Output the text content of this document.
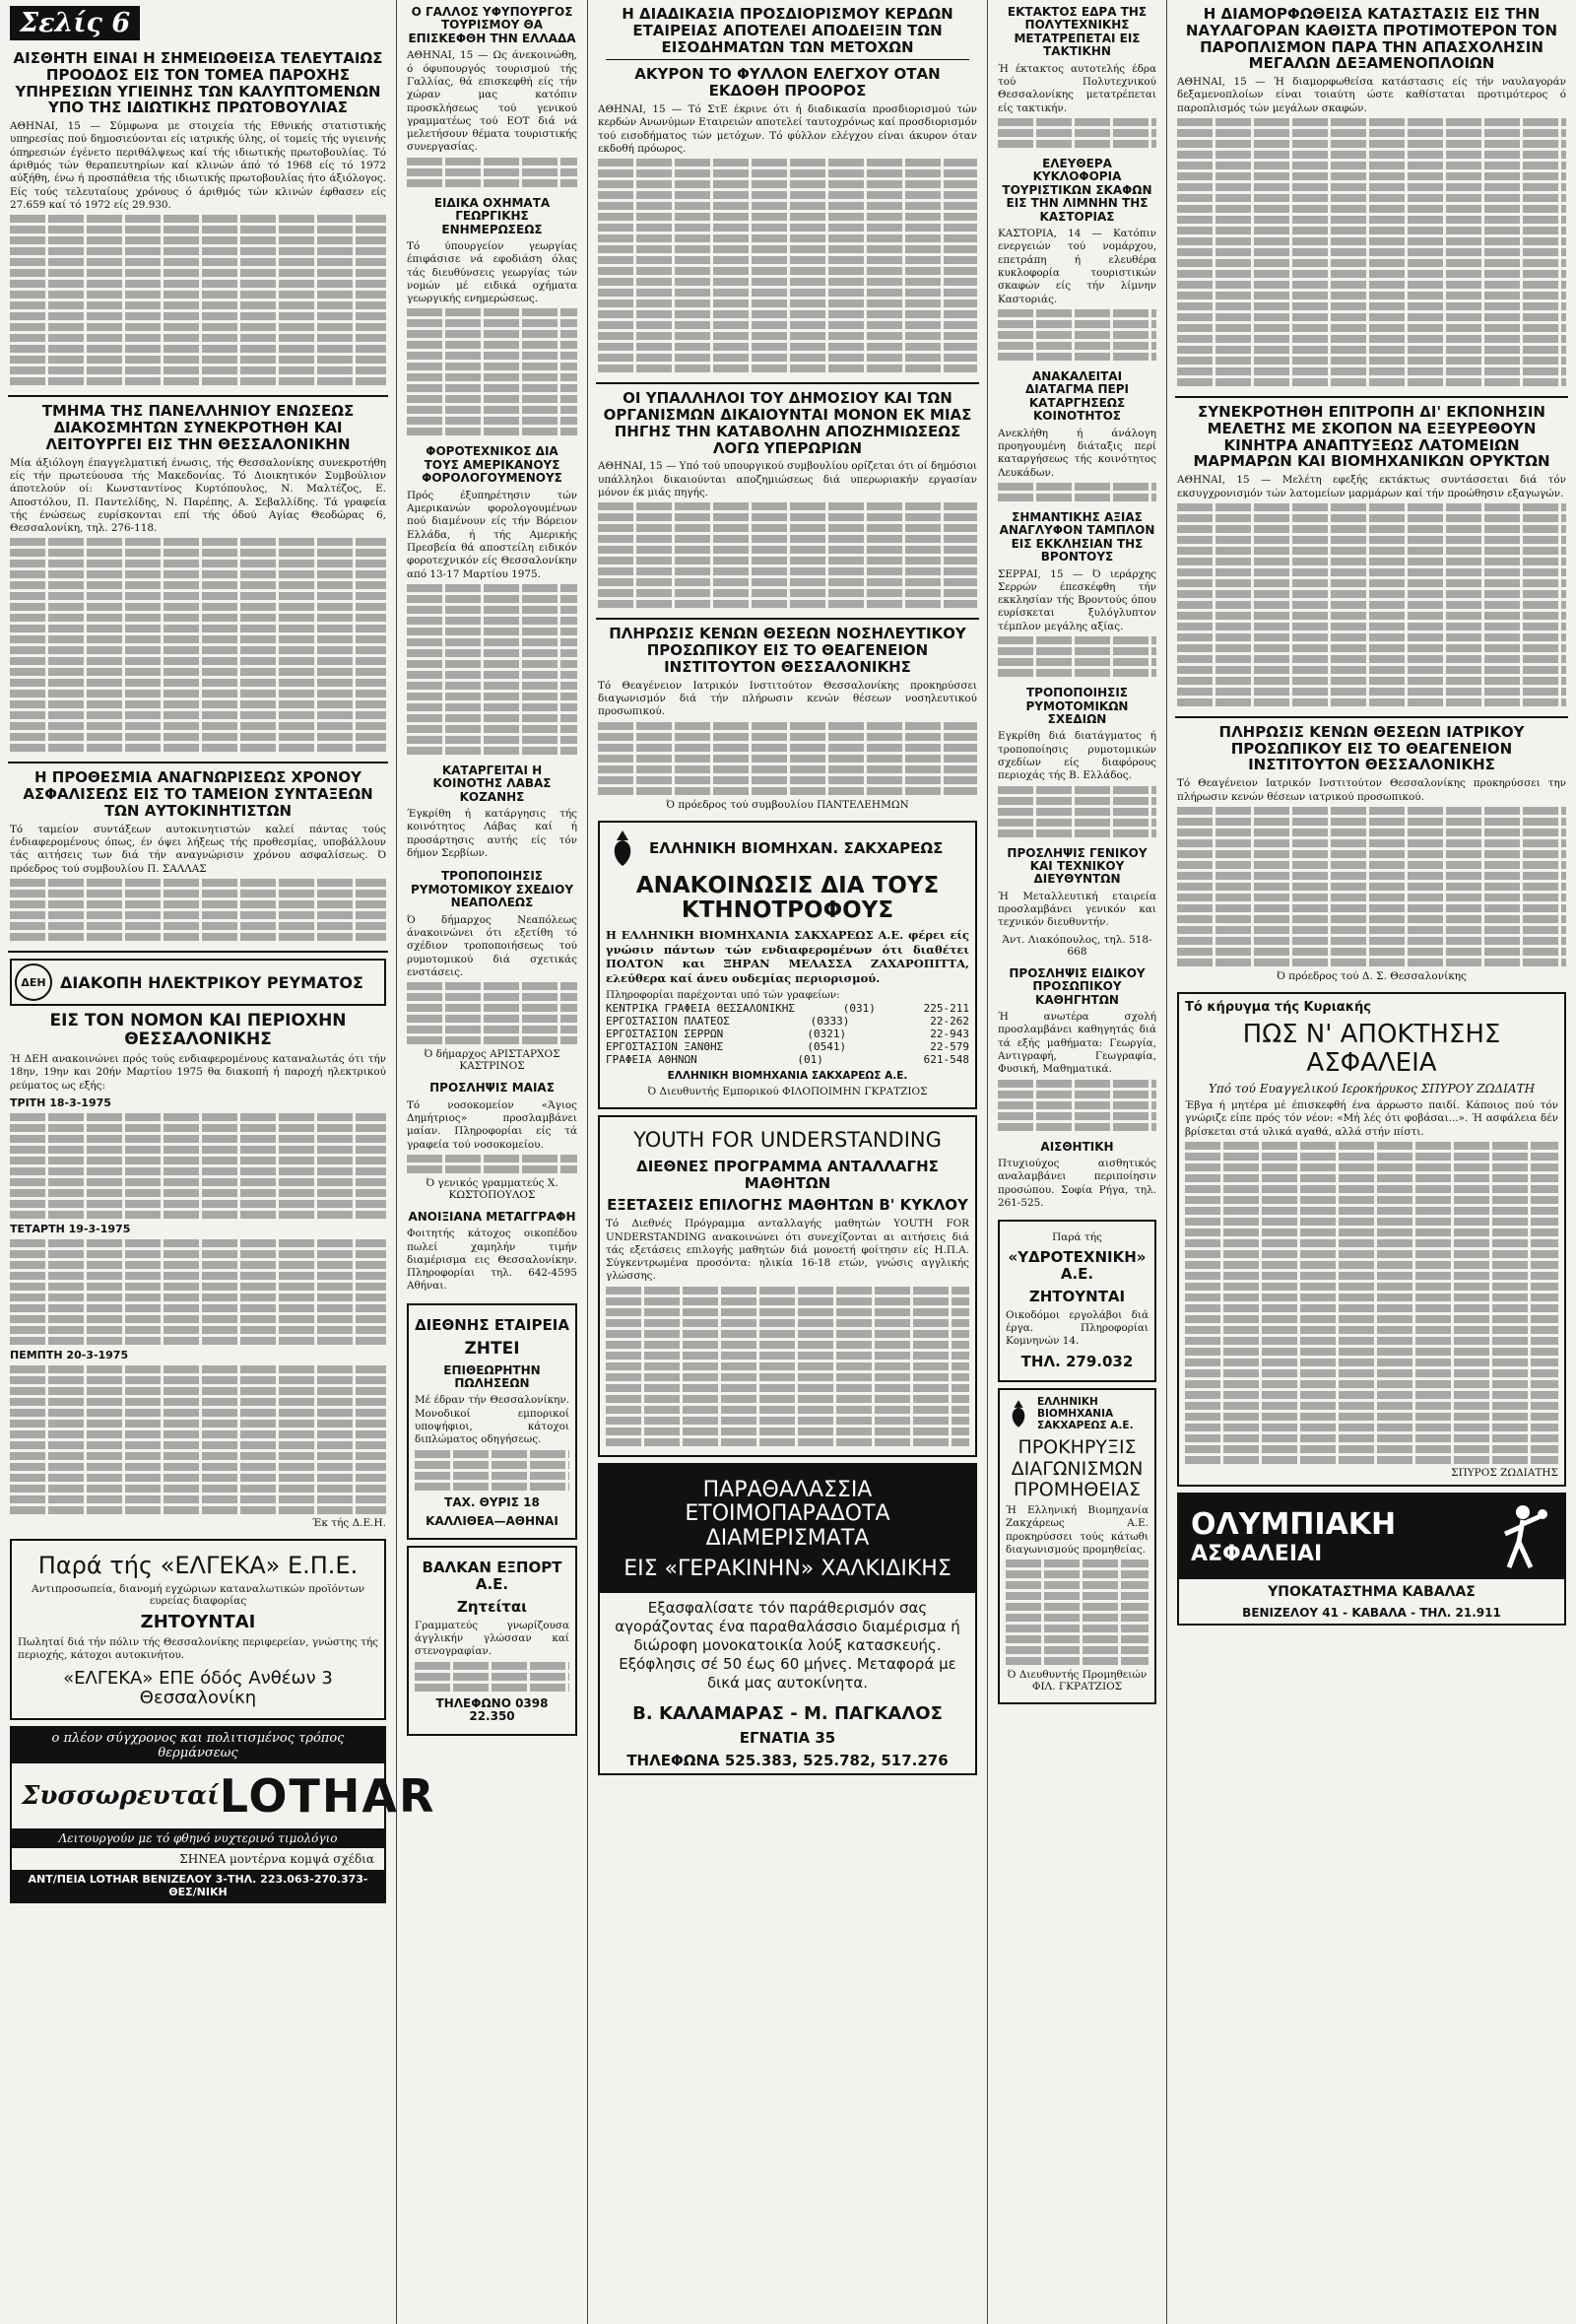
Σελίς 6
ΑΙΣΘΗΤΗ ΕΙΝΑΙ Η ΣΗΜΕΙΩΘΕΙΣΑ ΤΕΛΕΥΤΑΙΩΣ ΠΡΟΟΔΟΣ ΕΙΣ ΤΟΝ ΤΟΜΕΑ ΠΑΡΟΧΗΣ ΥΠΗΡΕΣΙΩΝ ΥΓΙΕΙΝΗΣ ΤΩΝ ΚΑΛΥΠΤΟΜΕΝΩΝ ΥΠΟ ΤΗΣ ΙΔΙΩΤΙΚΗΣ ΠΡΩΤΟΒΟΥΛΙΑΣ

ΑΘΗΝΑΙ, 15 — Σύμφωνα με στοιχεία τής Εθνικής στατιστικής υπηρεσίας πού δημοσιεύονται είς ιατρικής ύλης, οί τομείς τής υγιεινής όπηρεσιών έγένετο περιθάλψεως καί τής ιδιωτικής πρωτοβουλίας. Τό άριθμός τών θεραπευτηρίων καί κλινών άπό τό 1968 είς τό 1972 αύξήθη, ένω ή προσπάθεια τής ιδιωτικής πρωτοβουλίας ήτο άξιόλογος. Είς τούς τελευταίους χρόνους ό άριθμός τών κλινών έφθασεν είς 27.659 καί τό 1972 είς 29.930.

ΤΜΗΜΑ ΤΗΣ ΠΑΝΕΛΛΗΝΙΟΥ ΕΝΩΣΕΩΣ ΔΙΑΚΟΣΜΗΤΩΝ ΣΥΝΕΚΡΟΤΗΘΗ ΚΑΙ ΛΕΙΤΟΥΡΓΕΙ ΕΙΣ ΤΗΝ ΘΕΣΣΑΛΟΝΙΚΗΝ

Μία άξιόλογη έπαγγελματική ένωσις, τής Θεσσαλονίκης συνεκροτήθη είς τήν πρωτεύουσα τής Μακεδονίας. Τό Διοικητικόν Συμβούλιον άποτελούν οί: Κωνσταντίνος Κυρτόπουλος, Ν. Μαλτέζος, Ε. Αποστόλου, Π. Παντελίδης, Ν. Παρέπης, Α. Σεβαλλίδης. Τά γραφεία τής ένώσεως ευρίσκονται επί τής όδού Αγίας Θεοδώρας 6, Θεσσαλονίκη, τηλ. 276-118.

Η ΠΡΟΘΕΣΜΙΑ ΑΝΑΓΝΩΡΙΣΕΩΣ ΧΡΟΝΟΥ ΑΣΦΑΛΙΣΕΩΣ ΕΙΣ ΤΟ ΤΑΜΕΙΟΝ ΣΥΝΤΑΞΕΩΝ ΤΩΝ ΑΥΤΟΚΙΝΗΤΙΣΤΩΝ

Τό ταμείον συντάξεων αυτοκινητιστών καλεί πάντας τούς ένδιαφερομένους όπως, έν όψει λήξεως τής προθεσμίας, υποβάλλουν τάς αιτήσεις των διά τήν αναγνώρισιν χρόνου ασφαλίσεως. Ό πρόεδρος τού συμβουλίου Π. ΣΑΛΛΑΣ

ΔΕΗ ΔΙΑΚΟΠΗ ΗΛΕΚΤΡΙΚΟΥ ΡΕΥΜΑΤΟΣ
ΕΙΣ ΤΟΝ ΝΟΜΟΝ ΚΑΙ ΠΕΡΙΟΧΗΝ ΘΕΣΣΑΛΟΝΙΚΗΣ

Ή ΔΕΗ ανακοινώνει πρός τούς ενδιαφερομένους καταναλωτάς ότι τήν 18ην, 19ην και 20ήν Μαρτίου 1975 θα διακοπή ή παροχή ηλεκτρικού ρεύματος ως εξής:

ΤΡΙΤΗ 18-3-1975
ΤΕΤΑΡΤΗ 19-3-1975
ΠΕΜΠΤΗ 20-3-1975
Έκ τής Δ.Ε.Η.
Παρά τής «ΕΛΓΕΚΑ» Ε.Π.Ε.
Αντιπροσωπεία, διανομή εγχώριων καταναλωτικών προϊόντων ευρείας διαφορίας
ΖΗΤΟΥΝΤΑΙ

Πωληταί διά τήν πόλιν τής Θεσσαλονίκης περιφερείαν, γνώστης τής περιοχής, κάτοχοι αυτοκινήτου.

«ΕΛΓΕΚΑ» ΕΠΕ όδός Ανθέων 3 Θεσσαλονίκη
ο πλέον σύγχρονος και πολιτισμένος τρόπος θερμάνσεως
Συσσωρευταί LOTHAR
Λειτουργούν με τό φθηνό νυχτερινό τιμολόγιο
ΣΗΝΕΑ μοντέρνα κομψά σχέδια
ΑΝΤ/ΠΕΙΑ LOTHAR ΒΕΝΙΖΕΛΟΥ 3-ΤΗΛ. 223.063-270.373-ΘΕΣ/ΝΙΚΗ
Ο ΓΑΛΛΟΣ ΥΦΥΠΟΥΡΓΟΣ ΤΟΥΡΙΣΜΟΥ ΘΑ ΕΠΙΣΚΕΦΘΗ ΤΗΝ ΕΛΛΑΔΑ

ΑΘΗΝΑΙ, 15 — Ως άνεκοινώθη, ό όφυπουργός τουρισμού τής Γαλλίας, θά επισκεφθή είς τήν χώραν μας κατόπιν προσκλήσεως τού γενικού γραμματέως τού ΕΟΤ διά νά μελετήσουν θέματα τουριστικής συνεργασίας.

ΕΙΔΙΚΑ ΟΧΗΜΑΤΑ ΓΕΩΡΓΙΚΗΣ ΕΝΗΜΕΡΩΣΕΩΣ

Τό ύπουργείον γεωργίας έπιφάσισε νά εφοδιάση όλας τάς διευθύνσεις γεωργίας τών νομών μέ ειδικά οχήματα γεωργικής ενημερώσεως.

ΦΟΡΟΤΕΧΝΙΚΟΣ ΔΙΑ ΤΟΥΣ ΑΜΕΡΙΚΑΝΟΥΣ ΦΟΡΟΛΟΓΟΥΜΕΝΟΥΣ

Πρός έξυπηρέτησιν τών Αμερικανών φορολογουμένων πού διαμένουν είς τήν Βόρειον Ελλάδα, ή τής Αμερικής Πρεσβεία θά αποστείλη ειδικόν φοροτεχνικόν είς Θεσσαλονίκην από 13-17 Μαρτίου 1975.

ΚΑΤΑΡΓΕΙΤΑΙ Η ΚΟΙΝΟΤΗΣ ΛΑΒΑΣ ΚΟΖΑΝΗΣ

Έγκρίθη ή κατάργησις τής κοινότητος Λάβας καί ή προσάρτησις αυτής είς τόν δήμον Σερβίων.

ΤΡΟΠΟΠΟΙΗΣΙΣ ΡΥΜΟΤΟΜΙΚΟΥ ΣΧΕΔΙΟΥ ΝΕΑΠΟΛΕΩΣ

Ό δήμαρχος Νεαπόλεως άνακοινώνει ότι εξετίθη τό σχέδιον τροποποιήσεως τού ρυμοτομικού διά σχετικάς ενστάσεις.

Ό δήμαρχος ΑΡΙΣΤΑΡΧΟΣ ΚΑΣΤΡΙΝΟΣ
ΠΡΟΣΛΗΨΙΣ ΜΑΙΑΣ

Τό νοσοκομείον «Άγιος Δημήτριος» προσλαμβάνει μαίαν. Πληροφορίαι είς τά γραφεία τού νοσοκομείου.

Ό γενικός γραμματεύς Χ. ΚΩΣΤΟΠΟΥΛΟΣ
ΑΝΟΙΞΙΑΝΑ ΜΕΤΑΓΓΡΑΦΗ

Φοιτητής κάτοχος οικοπέδου πωλεί χαμηλήν τιμήν διαμέρισμα εις Θεσσαλονίκην. Πληροφορίαι τηλ. 642-4595 Αθήναι.

ΔΙΕΘΝΗΣ ΕΤΑΙΡΕΙΑ
ΖΗΤΕΙ
ΕΠΙΘΕΩΡΗΤΗΝ ΠΩΛΗΣΕΩΝ

Μέ έδραν τήν Θεσσαλονίκην. Μονοδικοί εμπορικοί υποψήφιοι, κάτοχοι διπλώματος οδηγήσεως.

ΤΑΧ. ΘΥΡΙΣ 18
ΚΑΛΛΙΘΕΑ—ΑΘΗΝΑΙ
ΒΑΛΚΑΝ ΕΞΠΟΡΤ Α.Ε.
Ζητείται

Γραμματεύς γνωρίζουσα άγγλικήν γλώσσαν καί στενογραφίαν.

ΤΗΛΕΦΩΝΟ 0398 22.350
Η ΔΙΑΔΙΚΑΣΙΑ ΠΡΟΣΔΙΟΡΙΣΜΟΥ ΚΕΡΔΩΝ ΕΤΑΙΡΕΙΑΣ ΑΠΟΤΕΛΕΙ ΑΠΟΔΕΙΞΙΝ ΤΩΝ ΕΙΣΟΔΗΜΑΤΩΝ ΤΩΝ ΜΕΤΟΧΩΝ
ΑΚΥΡΟΝ ΤΟ ΦΥΛΛΟΝ ΕΛΕΓΧΟΥ ΟΤΑΝ ΕΚΔΟΘΗ ΠΡΟΟΡΟΣ

ΑΘΗΝΑΙ, 15 — Τό ΣτΕ έκρινε ότι ή διαδικασία προσδιορισμού τών κερδών Ανωνύμων Εταιρειών αποτελεί ταυτοχρόνως καί προσδιορισμόν τού εισοδήματος τών μετόχων. Τό φύλλον ελέγχου είναι άκυρον όταν εκδοθή πρόωρος.

ΟΙ ΥΠΑΛΛΗΛΟΙ ΤΟΥ ΔΗΜΟΣΙΟΥ ΚΑΙ ΤΩΝ ΟΡΓΑΝΙΣΜΩΝ ΔΙΚΑΙΟΥΝΤΑΙ ΜΟΝΟΝ ΕΚ ΜΙΑΣ ΠΗΓΗΣ ΤΗΝ ΚΑΤΑΒΟΛΗΝ ΑΠΟΖΗΜΙΩΣΕΩΣ ΛΟΓΩ ΥΠΕΡΩΡΙΩΝ

ΑΘΗΝΑΙ, 15 — Υπό τού υπουργικού συμβουλίου ορίζεται ότι οί δημόσιοι υπάλληλοι δικαιούνται αποζημιώσεως διά υπερωριακήν εργασίαν μόνον έκ μιάς πηγής.

ΠΛΗΡΩΣΙΣ ΚΕΝΩΝ ΘΕΣΕΩΝ ΝΟΣΗΛΕΥΤΙΚΟΥ ΠΡΟΣΩΠΙΚΟΥ ΕΙΣ ΤΟ ΘΕΑΓΕΝΕΙΟΝ ΙΝΣΤΙΤΟΥΤΟΝ ΘΕΣΣΑΛΟΝΙΚΗΣ

Τό Θεαγένειον Ιατρικόν Ινστιτούτον Θεσσαλονίκης προκηρύσσει διαγωνισμόν διά τήν πλήρωσιν κενών θέσεων νοσηλευτικού προσωπικού.

Ό πρόεδρος τού συμβουλίου ΠΑΝΤΕΛΕΗΜΩΝ
ΕΛΛΗΝΙΚΗ ΒΙΟΜΗΧΑΝ. ΣΑΚΧΑΡΕΩΣ
ΑΝΑΚΟΙΝΩΣΙΣ ΔΙΑ ΤΟΥΣ ΚΤΗΝΟΤΡΟΦΟΥΣ

Η ΕΛΛΗΝΙΚΗ ΒΙΟΜΗΧΑΝΙΑ ΣΑΚΧΑΡΕΩΣ Α.Ε. φέρει είς γνώσιν πάντων τών ενδιαφερομένων ότι διαθέτει ΠΟΛΤΟΝ και ΞΗΡΑΝ ΜΕΛΑΣΣΑ ΖΑΧΑΡΟΠΙΤΤΑ, ελεύθερα καί άνευ ουδεμίας περιορισμού.

Πληροφορίαι παρέχονται υπό τών γραφείων:

ΚΕΝΤΡΙΚΑ ΓΡΑΦΕΙΑ ΘΕΣΣΑΛΟΝΙΚΗΣ	(031)	225-211
ΕΡΓΟΣΤΑΣΙΟΝ ΠΛΑΤΕΟΣ	(0333)	22-262
ΕΡΓΟΣΤΑΣΙΟΝ ΣΕΡΡΩΝ	(0321)	22-943
ΕΡΓΟΣΤΑΣΙΟΝ ΞΑΝΘΗΣ	(0541)	22-579
ΓΡΑΦΕΙΑ ΑΘΗΝΩΝ	(01)	621-548
ΕΛΛΗΝΙΚΗ ΒΙΟΜΗΧΑΝΙΑ ΣΑΚΧΑΡΕΩΣ Α.Ε.
Ό Διευθυντής Εμπορικού ΦΙΛΟΠΟΙΜΗΝ ΓΚΡΑΤΖΙΟΣ
YOUTH FOR UNDERSTANDING
ΔΙΕΘΝΕΣ ΠΡΟΓΡΑΜΜΑ ΑΝΤΑΛΛΑΓΗΣ ΜΑΘΗΤΩΝ
ΕΞΕΤΑΣΕΙΣ ΕΠΙΛΟΓΗΣ ΜΑΘΗΤΩΝ Β' ΚΥΚΛΟΥ

Τό Διεθνές Πρόγραμμα ανταλλαγής μαθητών YOUTH FOR UNDERSTANDING ανακοινώνει ότι συνεχίζονται αι αιτήσεις διά τάς εξετάσεις επιλογής μαθητών διά μονοετή φοίτησιν είς Η.Π.Α. Σύγκεντρωμένα προσόντα: ηλικία 16-18 ετών, γνώσις αγγλικής γλώσσης.

ΠΑΡΑΘΑΛΑΣΣΙΑ ΕΤΟΙΜΟΠΑΡΑΔΟΤΑ ΔΙΑΜΕΡΙΣΜΑΤΑ
ΕΙΣ «ΓΕΡΑΚΙΝΗΝ» ΧΑΛΚΙΔΙΚΗΣ

Εξασφαλίσατε τόν παράθερισμόν σας αγοράζοντας ένα παραθαλάσσιο διαμέρισμα ή διώροφη μονοκατοικία λούξ κατασκευής. Εξόφλησις σέ 50 έως 60 μήνες. Μεταφορά με δικά μας αυτοκίνητα.

Β. ΚΑΛΑΜΑΡΑΣ - Μ. ΠΑΓΚΑΛΟΣ
ΕΓΝΑΤΙΑ 35
ΤΗΛΕΦΩΝΑ 525.383, 525.782, 517.276
ΕΚΤΑΚΤΟΣ ΕΔΡΑ ΤΗΣ ΠΟΛΥΤΕΧΝΙΚΗΣ ΜΕΤΑΤΡΕΠΕΤΑΙ ΕΙΣ ΤΑΚΤΙΚΗΝ

Ή έκτακτος αυτοτελής έδρα τού Πολυτεχνικού Θεσσαλονίκης μετατρέπεται είς τακτικήν.

ΕΛΕΥΘΕΡΑ ΚΥΚΛΟΦΟΡΙΑ ΤΟΥΡΙΣΤΙΚΩΝ ΣΚΑΦΩΝ ΕΙΣ ΤΗΝ ΛΙΜΝΗΝ ΤΗΣ ΚΑΣΤΟΡΙΑΣ

ΚΑΣΤΟΡΙΑ, 14 — Κατόπιν ενεργειών τού νομάρχου, επετράπη ή ελευθέρα κυκλοφορία τουριστικών σκαφών είς τήν λίμνην Καστοριάς.

ΑΝΑΚΑΛΕΙΤΑΙ ΔΙΑΤΑΓΜΑ ΠΕΡΙ ΚΑΤΑΡΓΗΣΕΩΣ ΚΟΙΝΟΤΗΤΟΣ

Ανεκλήθη ή άνάλογη προηγουμένη διάταξις περί καταργήσεως τής κοινότητος Λευκάδων.

ΣΗΜΑΝΤΙΚΗΣ ΑΞΙΑΣ ΑΝΑΓΛΥΦΟΝ ΤΑΜΠΛΟΝ ΕΙΣ ΕΚΚΛΗΣΙΑΝ ΤΗΣ ΒΡΟΝΤΟΥΣ

ΣΕΡΡΑΙ, 15 — Ό ιεράρχης Σερρών έπεσκέφθη τήν εκκλησίαν τής Βροντούς όπου ευρίσκεται ξυλόγλυπτον τέμπλον μεγάλης αξίας.

ΤΡΟΠΟΠΟΙΗΣΙΣ ΡΥΜΟΤΟΜΙΚΩΝ ΣΧΕΔΙΩΝ

Εγκρίθη διά διατάγματος ή τροποποίησις ρυμοτομικών σχεδίων είς διαφόρους περιοχάς τής Β. Ελλάδος.

ΠΡΟΣΛΗΨΙΣ ΓΕΝΙΚΟΥ ΚΑΙ ΤΕΧΝΙΚΟΥ ΔΙΕΥΘΥΝΤΩΝ

Ή Μεταλλευτική εταιρεία προσλαμβάνει γενικόν και τεχνικόν διευθυντήν.

Άντ. Λιακόπουλος, τηλ. 518-668
ΠΡΟΣΛΗΨΙΣ ΕΙΔΙΚΟΥ ΠΡΟΣΩΠΙΚΟΥ ΚΑΘΗΓΗΤΩΝ

Ή ανωτέρα σχολή προσλαμβάνει καθηγητάς διά τά εξής μαθήματα: Γεωργία, Αντιγραφή, Γεωγραφία, Φυσική, Μαθηματικά.

ΑΙΣΘΗΤΙΚΗ

Πτυχιούχος αισθητικός αναλαμβάνει περιποίησιν προσώπου. Σοφία Ρήγα, τηλ. 261-525.

Παρά τής
«ΥΔΡΟΤΕΧΝΙΚΗ» Α.Ε.
ΖΗΤΟΥΝΤΑΙ

Οικοδόμοι εργολάβοι διά έργα. Πληροφορίαι Κομνηνών 14.

ΤΗΛ. 279.032
ΕΛΛΗΝΙΚΗ ΒΙΟΜΗΧΑΝΙΑ ΣΑΚΧΑΡΕΩΣ Α.Ε.
ΠΡΟΚΗΡΥΞΙΣ ΔΙΑΓΩΝΙΣΜΩΝ ΠΡΟΜΗΘΕΙΑΣ

Ή Ελληνική Βιομηχανία Ζακχάρεως Α.Ε. προκηρύσσει τούς κάτωθι διαγωνισμούς προμηθείας.

Ό Διευθυντής Προμηθειών ΦΙΛ. ΓΚΡΑΤΖΙΟΣ
Η ΔΙΑΜΟΡΦΩΘΕΙΣΑ ΚΑΤΑΣΤΑΣΙΣ ΕΙΣ ΤΗΝ ΝΑΥΛΑΓΟΡΑΝ ΚΑΘΙΣΤΑ ΠΡΟΤΙΜΟΤΕΡΟΝ ΤΟΝ ΠΑΡΟΠΛΙΣΜΟΝ ΠΑΡΑ ΤΗΝ ΑΠΑΣΧΟΛΗΣΙΝ ΜΕΓΑΛΩΝ ΔΕΞΑΜΕΝΟΠΛΟΙΩΝ

ΑΘΗΝΑΙ, 15 — Ή διαμορφωθείσα κατάστασις είς τήν ναυλαγοράν δεξαμενοπλοίων είναι τοιαύτη ώστε καθίσταται προτιμότερος ό παροπλισμός τών μεγάλων σκαφών.

ΣΥΝΕΚΡΟΤΗΘΗ ΕΠΙΤΡΟΠΗ ΔΙ' ΕΚΠΟΝΗΣΙΝ ΜΕΛΕΤΗΣ ΜΕ ΣΚΟΠΟΝ ΝΑ ΕΞΕΥΡΕΘΟΥΝ ΚΙΝΗΤΡΑ ΑΝΑΠΤΥΞΕΩΣ ΛΑΤΟΜΕΙΩΝ ΜΑΡΜΑΡΩΝ ΚΑΙ ΒΙΟΜΗΧΑΝΙΚΩΝ ΟΡΥΚΤΩΝ

ΑΘΗΝΑΙ, 15 — Μελέτη εφεξής εκτάκτως συντάσσεται διά τόν εκσυγχρονισμόν τών λατομείων μαρμάρων καί τήν προώθησιν εξαγωγών.

ΠΛΗΡΩΣΙΣ ΚΕΝΩΝ ΘΕΣΕΩΝ ΙΑΤΡΙΚΟΥ ΠΡΟΣΩΠΙΚΟΥ ΕΙΣ ΤΟ ΘΕΑΓΕΝΕΙΟΝ ΙΝΣΤΙΤΟΥΤΟΝ ΘΕΣΣΑΛΟΝΙΚΗΣ

Τό Θεαγένειον Ιατρικόν Ινστιτούτον Θεσσαλονίκης προκηρύσσει την πλήρωσιν κενών θέσεων ιατρικού προσωπικού.

Ό πρόεδρος τού Δ. Σ. Θεσσαλονίκης
Τό κήρυγμα τής Κυριακής
ΠΩΣ Ν' ΑΠΟΚΤΗΣΗΣ ΑΣΦΑΛΕΙΑ
Υπό τού Ευαγγελικού Ιεροκήρυκος ΣΠΥΡΟΥ ΖΩΔΙΑΤΗ

Έβγα ή μητέρα μέ έπισκεφθή ένα άρρωστο παιδί. Κάποιος πού τόν γνώριζε είπε πρός τόν νέον: «Μή λές ότι φοβάσαι...». Ή ασφάλεια δέν βρίσκεται στά υλικά αγαθά, αλλά στήν πίστι.

ΣΠΥΡΟΣ ΖΩΔΙΑΤΗΣ
ΟΛΥΜΠΙΑΚΗ
ΑΣΦΑΛΕΙΑΙ
ΥΠΟΚΑΤΑΣΤΗΜΑ ΚΑΒΑΛΑΣ
ΒΕΝΙΖΕΛΟΥ 41 - ΚΑΒΑΛΑ - ΤΗΛ. 21.911
